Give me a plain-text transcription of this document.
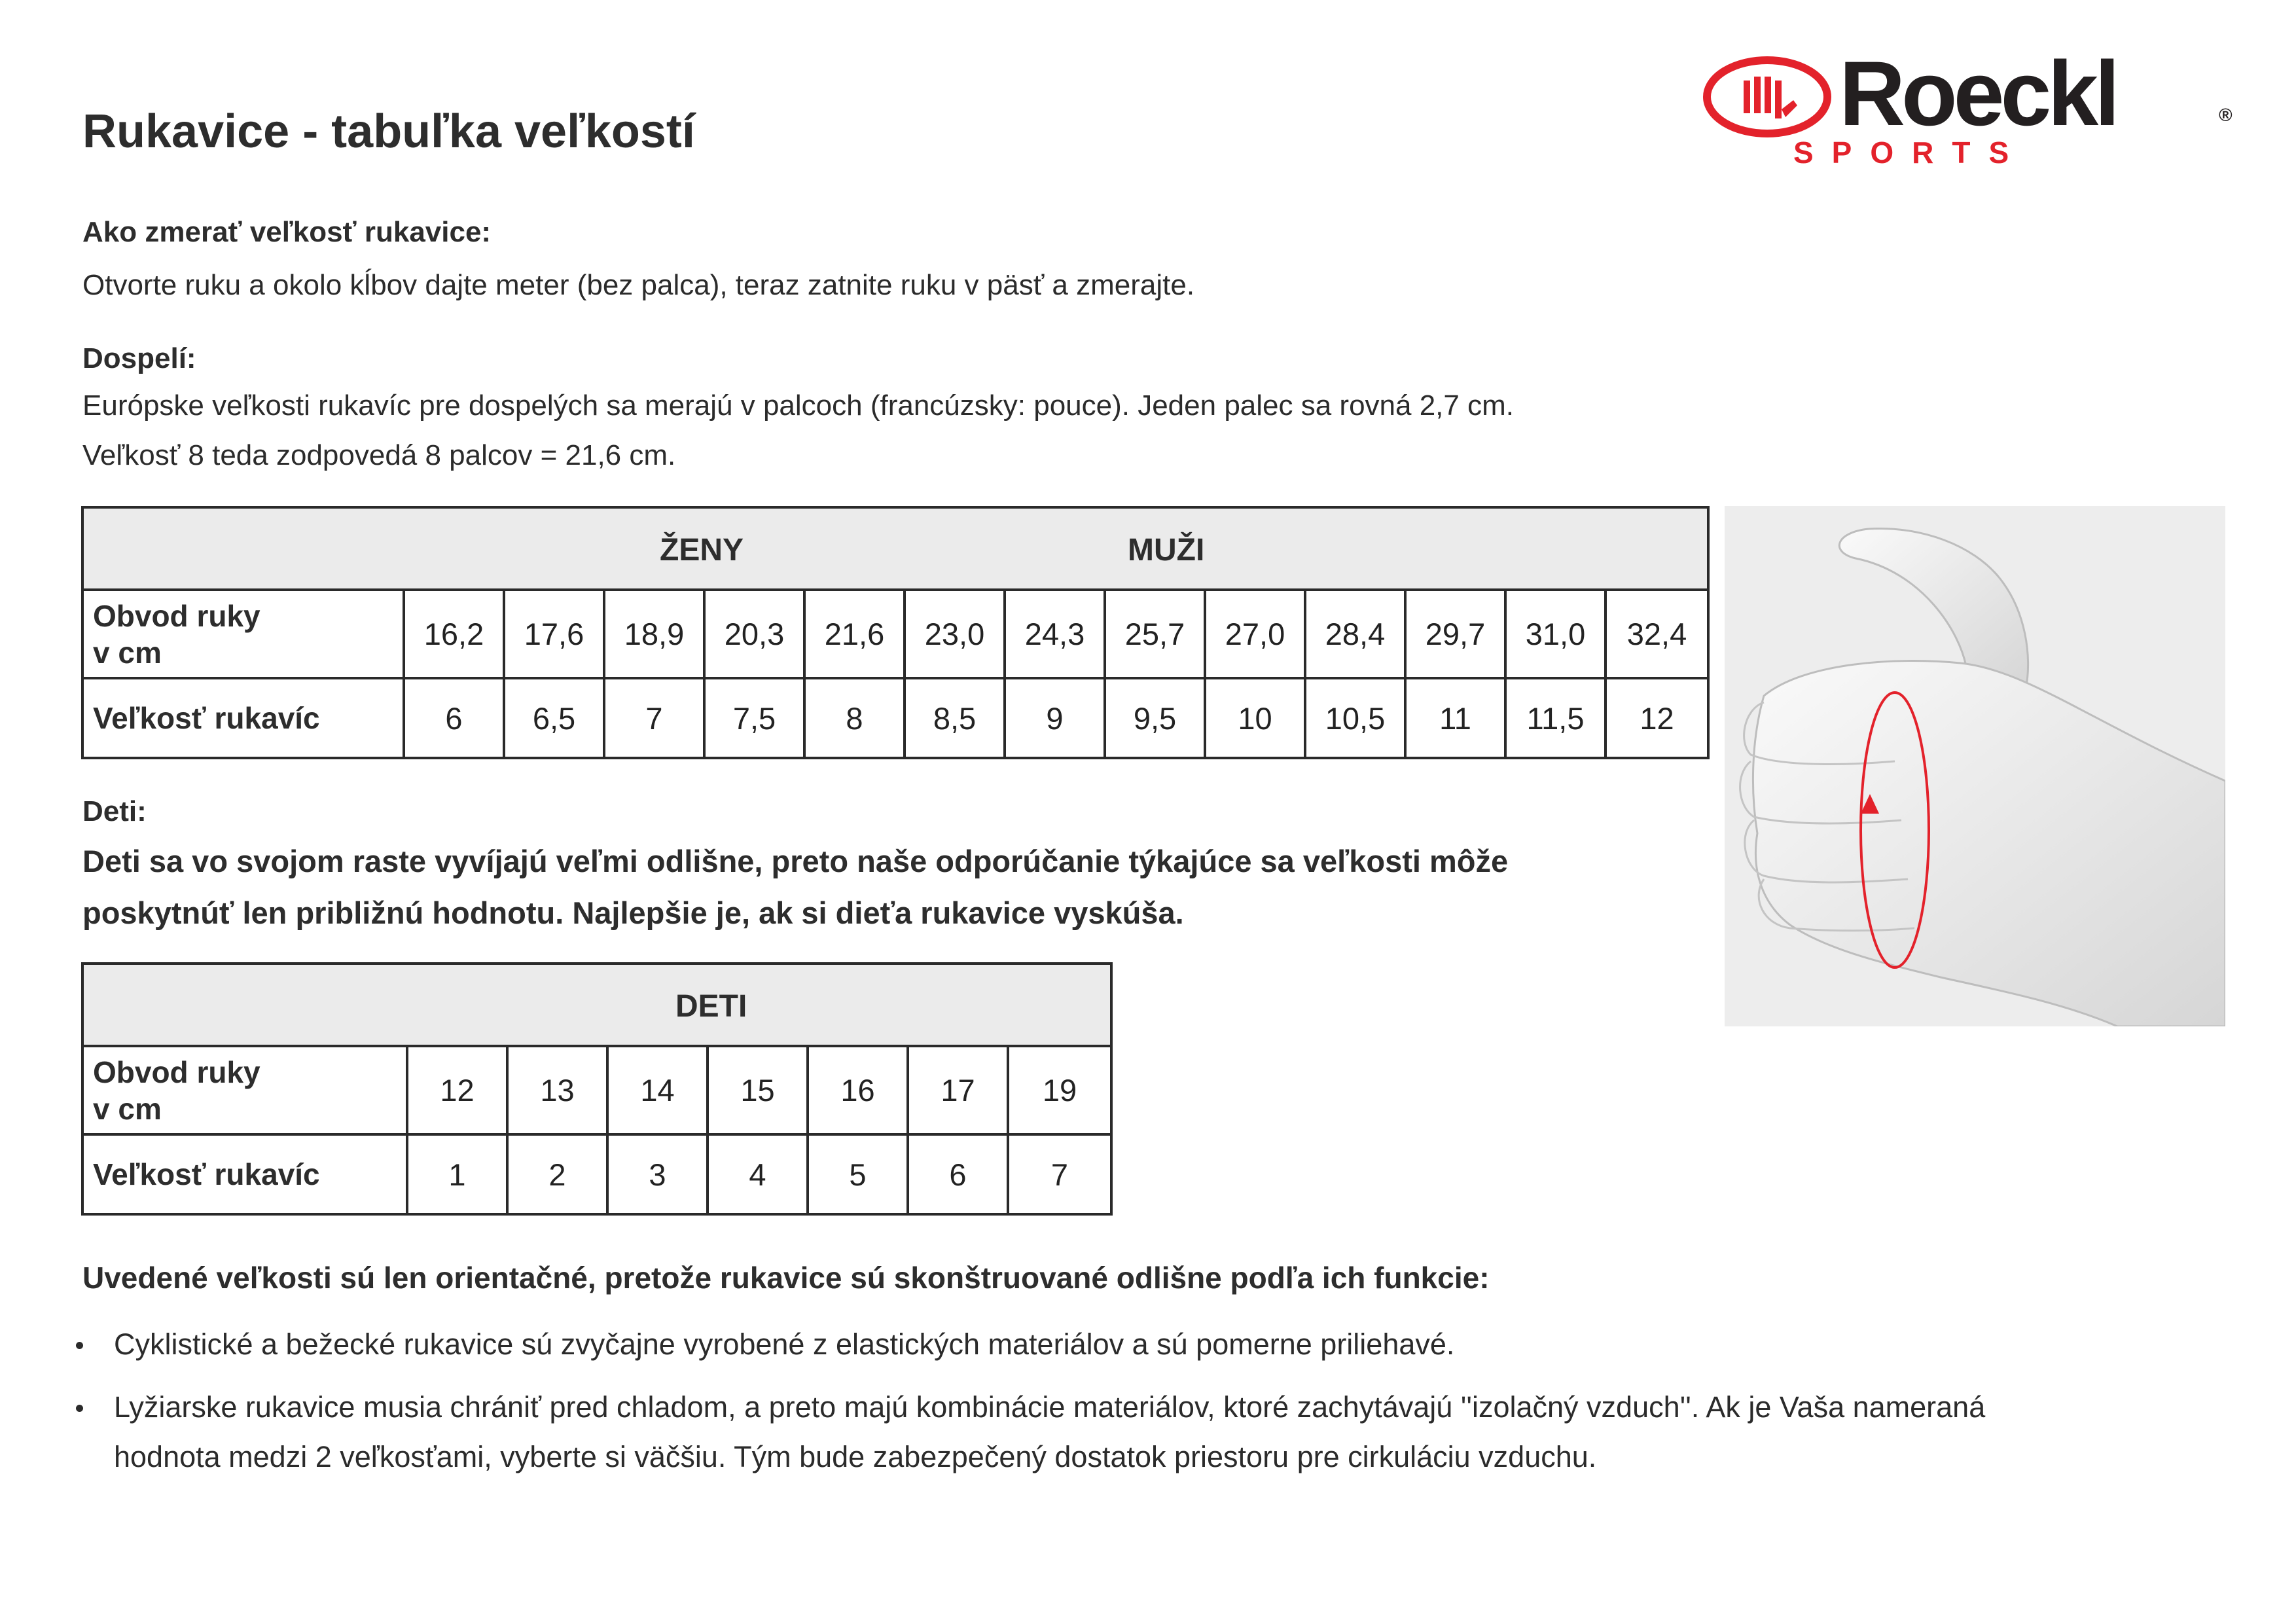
Rukavice - tabuľka veľkostí	Roeckl	®
SPORTS

Ako zmerať veľkosť rukavice:

Otvorte ruku a okolo kĺbov dajte meter (bez palca), teraz zatnite ruku v päsť a zmerajte.

Dospelí:

Európske veľkosti rukavíc pre dospelých sa merajú v palcoch (francúzsky: pouce). Jeden palec sa rovná 2,7 cm.

Veľkosť 8 teda zodpovedá 8 palcov = 21,6 cm.

ŽENY MUŽI													

Obvod ruky
v cm	16,2	17,6	18,9	20,3	21,6	23,0	24,3	25,7	27,0	28,4	29,7	31,0	32,4
Veľkosť rukavíc	6	6,5	7	7,5	8	8,5	9	9,5	10	10,5	11	11,5	12

Deti:

Deti sa vo svojom raste vyvíjajú veľmi odlišne, preto naše odporúčanie týkajúce sa veľkosti môže

poskytnúť len približnú hodnotu. Najlepšie je, ak si dieťa rukavice vyskúša.

DETI							

Obvod ruky
v cm	12	13	14	15	16	17	19
Veľkosť rukavíc	1	2	3	4	5	6	7

Uvedené veľkosti sú len orientačné, pretože rukavice sú skonštruované odlišne podľa ich funkcie:

Cyklistické a bežecké rukavice sú zvyčajne vyrobené z elastických materiálov a sú pomerne priliehavé.
Lyžiarske rukavice musia chrániť pred chladom, a preto majú kombinácie materiálov, ktoré zachytávajú ''izolačný vzduch''. Ak je Vaša nameraná
hodnota medzi 2 veľkosťami, vyberte si väčšiu. Tým bude zabezpečený dostatok priestoru pre cirkuláciu vzduchu.
